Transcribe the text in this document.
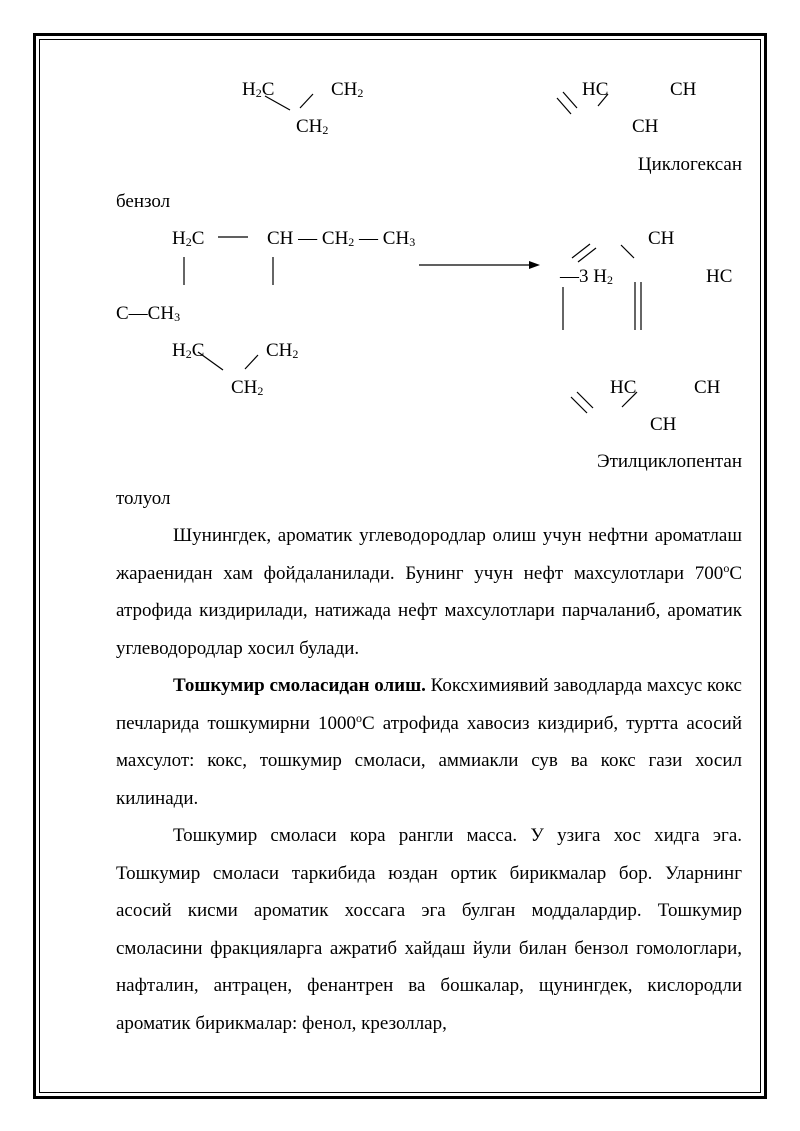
$H_2C$	$CH_2$
$CH_2$
HC	CH
CH
Циклогексан
бензол
$H_2C$	CH — $CH_2$ — $CH_3$
$C—CH_3$
$H_2C$	$CH_2$
$CH_2$
—3 $H_2$
CH
HC
HC	CH
CH
Этилциклопентан
толуол

Шунингдек, ароматик углеводородлар олиш учун нефтни ароматлаш жараенидан хам фойдаланилади. Бунинг учун нефт махсулотлари 700$^o$С атрофида киздирилади, натижада нефт махсулотлари парчаланиб, ароматик углеводородлар хосил булади.

Тошкумир смоласидан олиш. Коксхимиявий заводларда махсус кокс печларида тошкумирни 1000$^o$С атрофида хавосиз киздириб, туртта асосий махсулот: кокс, тошкумир смоласи, аммиакли сув ва кокс гази хосил килинади.

Тошкумир смоласи кора рангли масса. У узига хос хидга эга. Тошкумир смоласи таркибида юздан ортик бирикмалар бор. Уларнинг асосий кисми ароматик хоссага эга булган моддалардир. Тошкумир смоласини фракцияларга ажратиб хайдаш йули билан бензол гомологлари, нафталин, антрацен, фенантрен ва бошкалар, щунингдек, кислородли ароматик бирикмалар: фенол, крезоллар,
